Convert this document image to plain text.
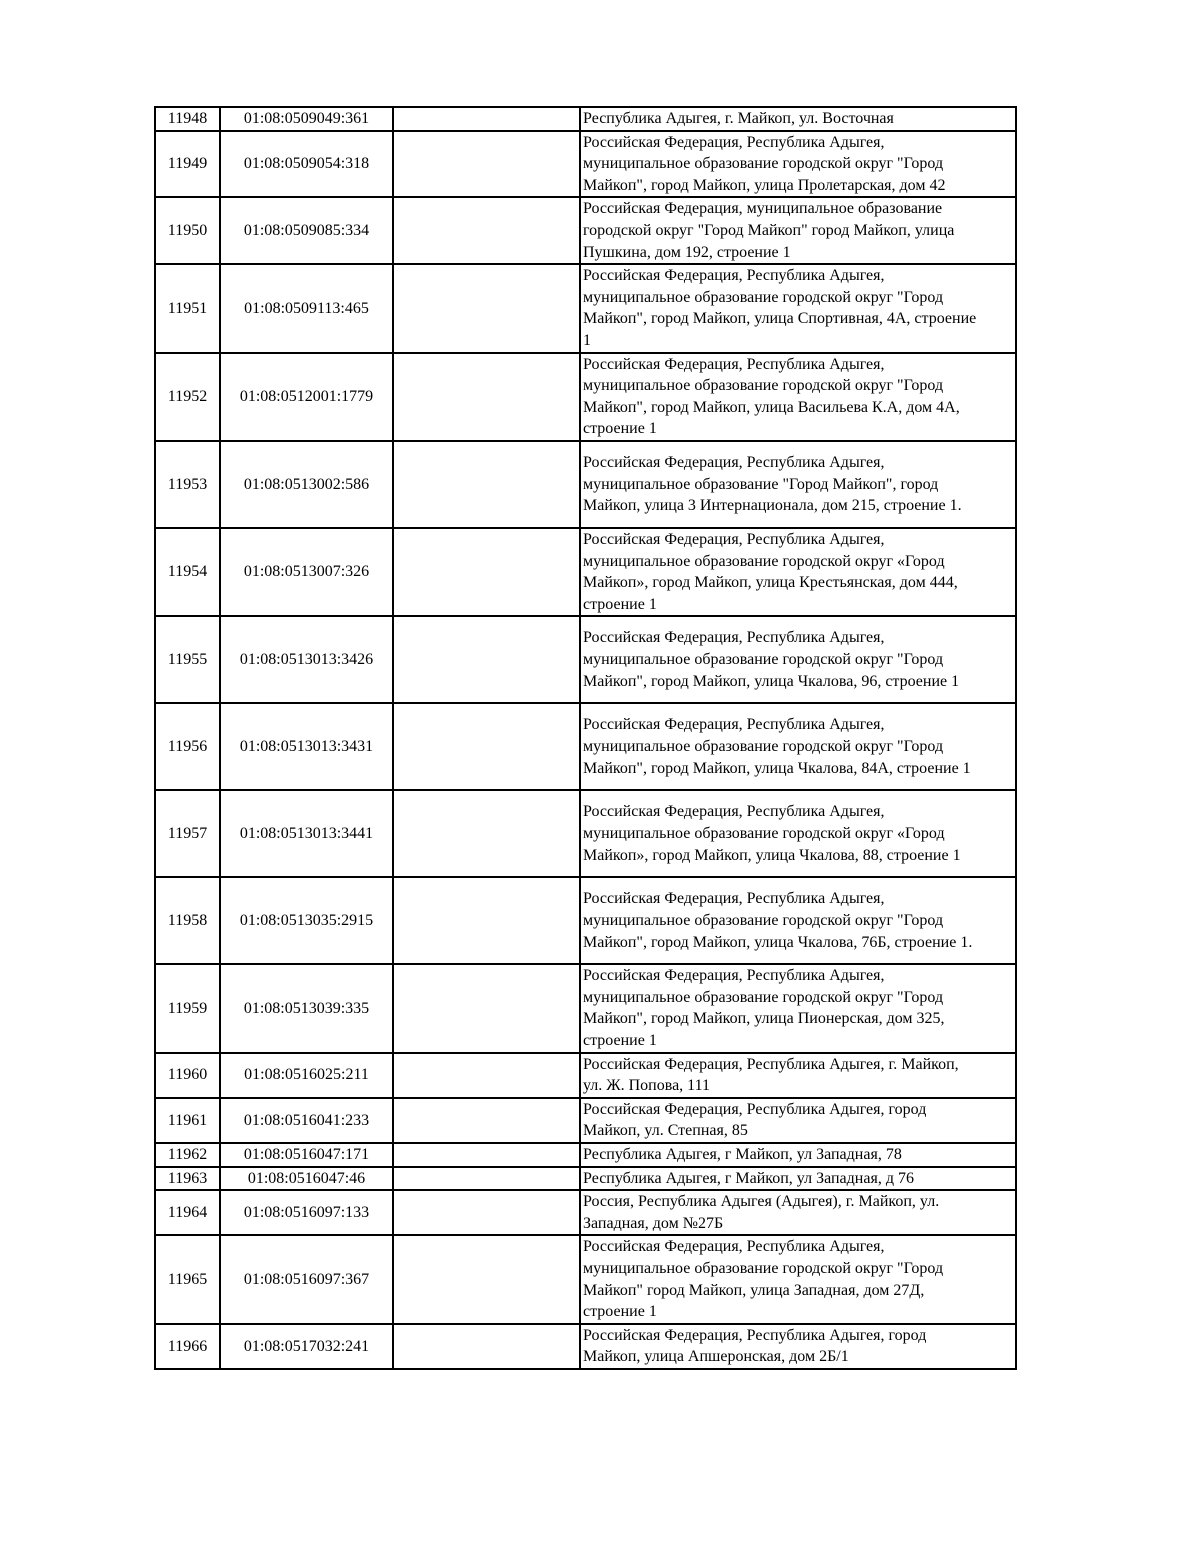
11948	01:08:0509049:361		Республика Адыгея, г. Майкоп, ул. Восточная
11949	01:08:0509054:318		Российская Федерация, Республика Адыгея,
муниципальное образование городской округ "Город
Майкоп", город Майкоп, улица Пролетарская, дом 42
11950	01:08:0509085:334		Российская Федерация, муниципальное образование
городской округ "Город Майкоп" город Майкоп, улица
Пушкина, дом 192, строение 1
11951	01:08:0509113:465		Российская Федерация, Республика Адыгея,
муниципальное образование городской округ "Город
Майкоп", город Майкоп, улица Спортивная, 4А, строение
1
11952	01:08:0512001:1779		Российская Федерация, Республика Адыгея,
муниципальное образование городской округ "Город
Майкоп", город Майкоп, улица Васильева К.А, дом 4А,
строение 1
11953	01:08:0513002:586		Российская Федерация, Республика Адыгея,
муниципальное образование "Город Майкоп", город
Майкоп, улица 3 Интернационала, дом 215, строение 1.
11954	01:08:0513007:326		Российская Федерация, Республика Адыгея,
муниципальное образование городской округ «Город
Майкоп», город Майкоп, улица Крестьянская, дом 444,
строение 1
11955	01:08:0513013:3426		Российская Федерация, Республика Адыгея,
муниципальное образование городской округ "Город
Майкоп", город Майкоп, улица Чкалова, 96, строение 1
11956	01:08:0513013:3431		Российская Федерация, Республика Адыгея,
муниципальное образование городской округ "Город
Майкоп", город Майкоп, улица Чкалова, 84А, строение 1
11957	01:08:0513013:3441		Российская Федерация, Республика Адыгея,
муниципальное образование городской округ «Город
Майкоп», город Майкоп, улица Чкалова, 88, строение 1
11958	01:08:0513035:2915		Российская Федерация, Республика Адыгея,
муниципальное образование городской округ "Город
Майкоп", город Майкоп, улица Чкалова, 76Б, строение 1.
11959	01:08:0513039:335		Российская Федерация, Республика Адыгея,
муниципальное образование городской округ "Город
Майкоп", город Майкоп, улица Пионерская, дом 325,
строение 1
11960	01:08:0516025:211		Российская Федерация, Республика Адыгея, г. Майкоп,
ул. Ж. Попова, 111
11961	01:08:0516041:233		Российская Федерация, Республика Адыгея, город
Майкоп, ул. Степная, 85
11962	01:08:0516047:171		Республика Адыгея, г Майкоп, ул Западная, 78
11963	01:08:0516047:46		Республика Адыгея, г Майкоп, ул Западная, д 76
11964	01:08:0516097:133		Россия, Республика Адыгея (Адыгея), г. Майкоп, ул.
Западная, дом №27Б
11965	01:08:0516097:367		Российская Федерация, Республика Адыгея,
муниципальное образование городской округ "Город
Майкоп" город Майкоп, улица Западная, дом 27Д,
строение 1
11966	01:08:0517032:241		Российская Федерация, Республика Адыгея, город
Майкоп, улица Апшеронская, дом 2Б/1
